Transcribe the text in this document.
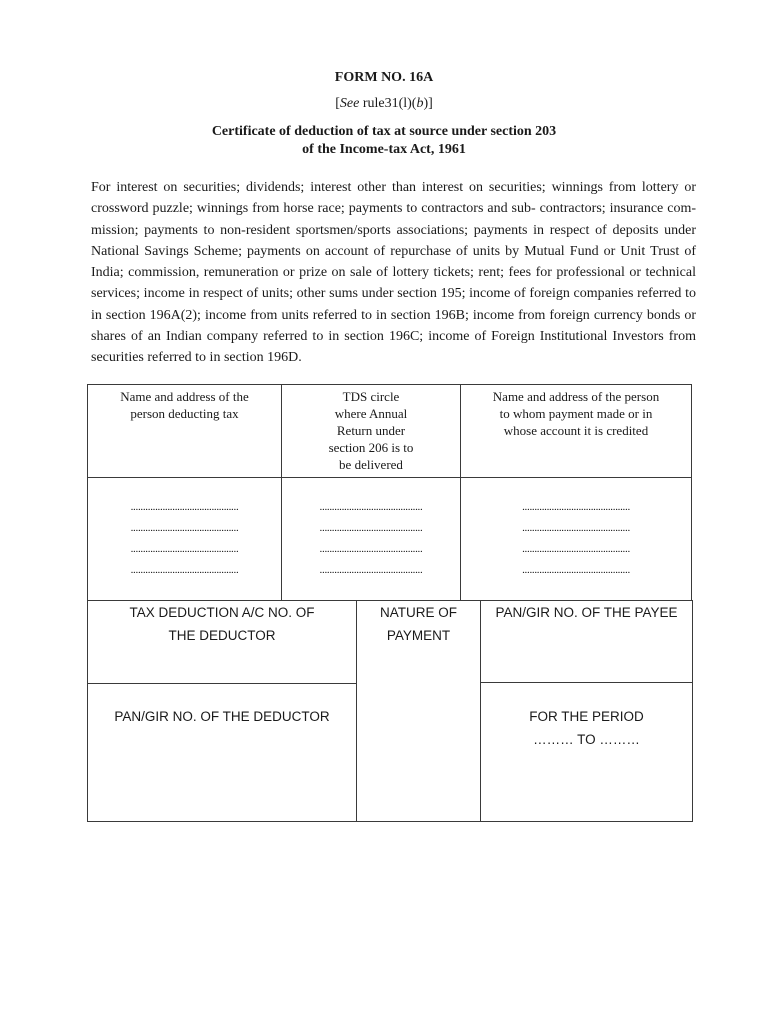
FORM NO. 16A
[See rule31(l)(b)]
Certificate of deduction of tax at source under section 203
of the Income-tax Act, 1961

For interest on securities; dividends; interest other than interest on securities; winnings from lottery or crossword puzzle; winnings from horse race; payments to contractors and sub- contractors; insurance com-mission; payments to non-resident sportsmen/sports associations; payments in respect of deposits under National Savings Scheme; payments on account of repurchase of units by Mutual Fund or Unit Trust of India; commission, remuneration or prize on sale of lottery tickets; rent; fees for professional or technical services; income in respect of units; other sums under section 195; income of foreign companies referred to in section 196A(2); income from units referred to in section 196B; income from foreign currency bonds or shares of an Indian company referred to in section 196C; income of Foreign Institutional Investors from securities referred to in section 196D.

Name and address of the
person deducting tax
TDS circle
where Annual
Return under
section 206 is to
be delivered
Name and address of the person
to whom payment made or in
whose account it is credited
............................................
............................................
............................................
............................................
..........................................
..........................................
..........................................
..........................................
............................................
............................................
............................................
............................................
TAX DEDUCTION A/C NO. OF
THE DEDUCTOR
NATURE OF
PAYMENT
PAN/GIR NO. OF THE PAYEE
PAN/GIR NO. OF THE DEDUCTOR	FOR THE PERIOD
……… TO ………
